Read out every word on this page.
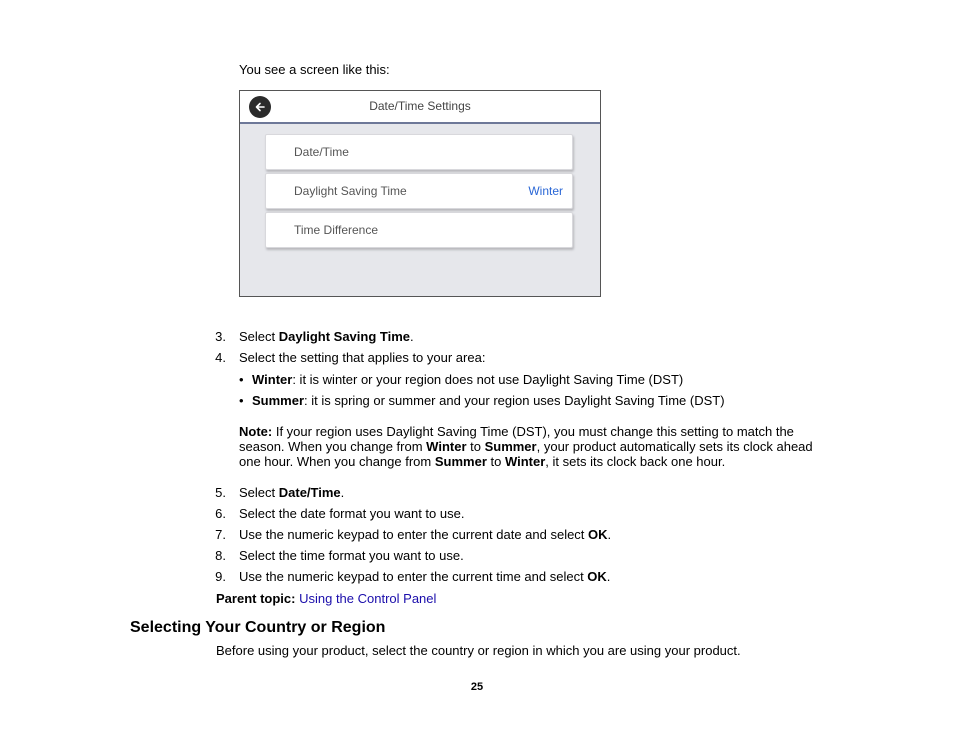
You see a screen like this:
Date/Time Settings
Date/Time
Daylight Saving Time	Winter
Time Difference
3. Select Daylight Saving Time.
4. Select the setting that applies to your area:
• Winter: it is winter or your region does not use Daylight Saving Time (DST)
• Summer: it is spring or summer and your region uses Daylight Saving Time (DST)
Note: If your region uses Daylight Saving Time (DST), you must change this setting to match the season. When you change from Winter to Summer, your product automatically sets its clock ahead one hour. When you change from Summer to Winter, it sets its clock back one hour.
5. Select Date/Time.
6. Select the date format you want to use.
7. Use the numeric keypad to enter the current date and select OK.
8. Select the time format you want to use.
9. Use the numeric keypad to enter the current time and select OK.
Parent topic: Using the Control Panel
Selecting Your Country or Region
Before using your product, select the country or region in which you are using your product.
25
